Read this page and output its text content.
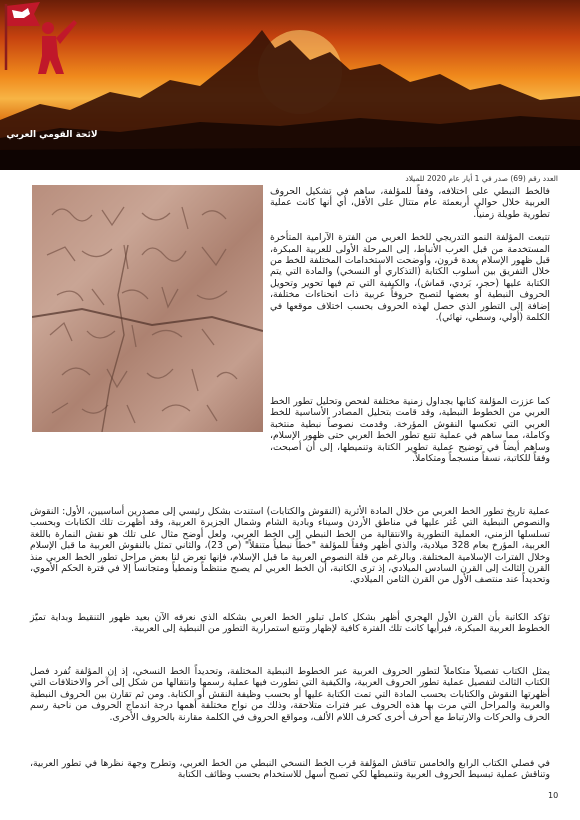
لائحة القومي العربي
العدد رقم (69) صدر في 1 أيار عام 2020 للميلاد

فالخط النبطي على اختلافه، وفقاً للمؤلفة، ساهم في تشكيل الحروف العربية خلال حوالي أربعمئة عام متتال على الأقل، أي أنها كانت عملية تطورية طويلة زمنياً.

تتبعت المؤلفة النمو التدريجي للخط العربي من الفترة الآرامية المتأخرة المستخدمة من قبل العرب الأنباط، إلى المرحلة الأولى للعربية المبكرة، قبل ظهور الإسلام بعدة قرون، وأوضحت الاستخدامات المختلفة للخط من خلال التفريق بين أسلوب الكتابة (التذكاري أو النسخي) والمادة التي يتم الكتابة عليها (حجر، بَردي، قماش)، والكيفية التي تم فيها تحوير وتحويل الحروف النبطية أو بعضها لتصبح حروفاً عربية ذات انحناءات مختلفة، إضافة إلى التطور الذي حصل لهذه الحروف بحسب اختلاف موقعها في الكلمة (أولي، وسطي، نهائي).

كما عززت المؤلفة كتابها بجداول زمنية مختلفة لفحص وتحليل تطور الخط العربي من الخطوط النبطية، وقد قامت بتحليل المصادر الأساسية للخط العربي التي تعكسها النقوش المؤرخة. وقدمت نصوصاً نبطية منتخبة وكاملة، مما ساهم في عملية تتبع تطور الخط العربي حتى ظهور الإسلام، وساهم أيضاً في توضيح عملية تطوير الكتابة وتنميطها، إلى أن أصبحت، وفقاً للكاتبة، نسقاً منسجماً ومتكاملاً.

عملية تاريخ تطور الخط العربي من خلال المادة الأثرية (النقوش والكتابات) استندت بشكل رئيسي إلى مصدرين أساسيين، الأول: النقوش والنصوص النبطية التي عُثر عليها في مناطق الأردن وسيناء وبادية الشام وشمال الجزيرة العربية، وقد أظهرت تلك الكتابات وبحسب تسلسلها الزمني، العملية التطورية والانتقالية من الخط النبطي إلى الخط العربي، ولعل أوضح مثال على تلك هو نقش النمارة باللغة العربية، المؤرخ بعام 328 ميلادية، والذي أظهر وفقاً للمؤلفة "خطاً نبطياً متنقلاً" (ص 23)، والثاني تمثل بالنقوش العربية ما قبل الإسلام وخلال الفترات الإسلامية المختلفة. وبالرغم من قلة النصوص العربية ما قبل الإسلام، فإنها تعرض لنا بعض مراحل تطور الخط العربي منذ القرن الثالث إلى القرن السادس الميلادي، إذ ترى الكاتبة، أن الخط العربي لم يصبح منتظماً ونمطياً ومتجانساً إلا في فترة الحكم الأموي، وتحديداً عند منتصف الأول من القرن الثامن الميلادي.

تؤكد الكاتبة بأن القرن الأول الهجري أظهر بشكل كامل تبلور الخط العربي بشكله الذي نعرفه الآن بعيد ظهور التنقيط وبداية تميّز الخطوط العربية المبكرة، فبرأيها كانت تلك الفترة كافية لإظهار وتتبع استمرارية التطور من النبطية إلى العربية.

يمثل الكتاب تفصيلاً متكاملاً لتطور الحروف العربية عبر الخطوط النبطية المختلفة، وتحديداً الخط النسخي، إذ إن المؤلفة تُفرد فصل الكتاب الثالث لتفصيل عملية تطور الحروف العربية، والكيفية التي تطورت فيها عملية رسمها وانتقالها من شكل إلى آخر والاختلافات التي أظهرتها النقوش والكتابات بحسب المادة التي تمت الكتابة عليها أو بحسب وظيفة النقش أو الكتابة. ومن ثم تقارن بين الحروف النبطية والعربية والمراحل التي مرت بها هذه الحروف عبر فترات متلاحقة، وذلك من نواح مختلفة أهمها درجة اندماج الحروف من ناحية رسم الحرف والحركات والارتباط مع أحرف أخرى كحرف اللام الألف، ومواقع الحروف في الكلمة مقارنة بالحروف الأخرى.

في فصلي الكتاب الرابع والخامس تناقش المؤلفة قرب الخط النسخي النبطي من الخط العربي، وتطرح وجهة نظرها في تطور العربية، وتناقش عملية تبسيط الحروف العربية وتنميطها لكي تصبح أسهل للاستخدام بحسب وظائف الكتابة

10
